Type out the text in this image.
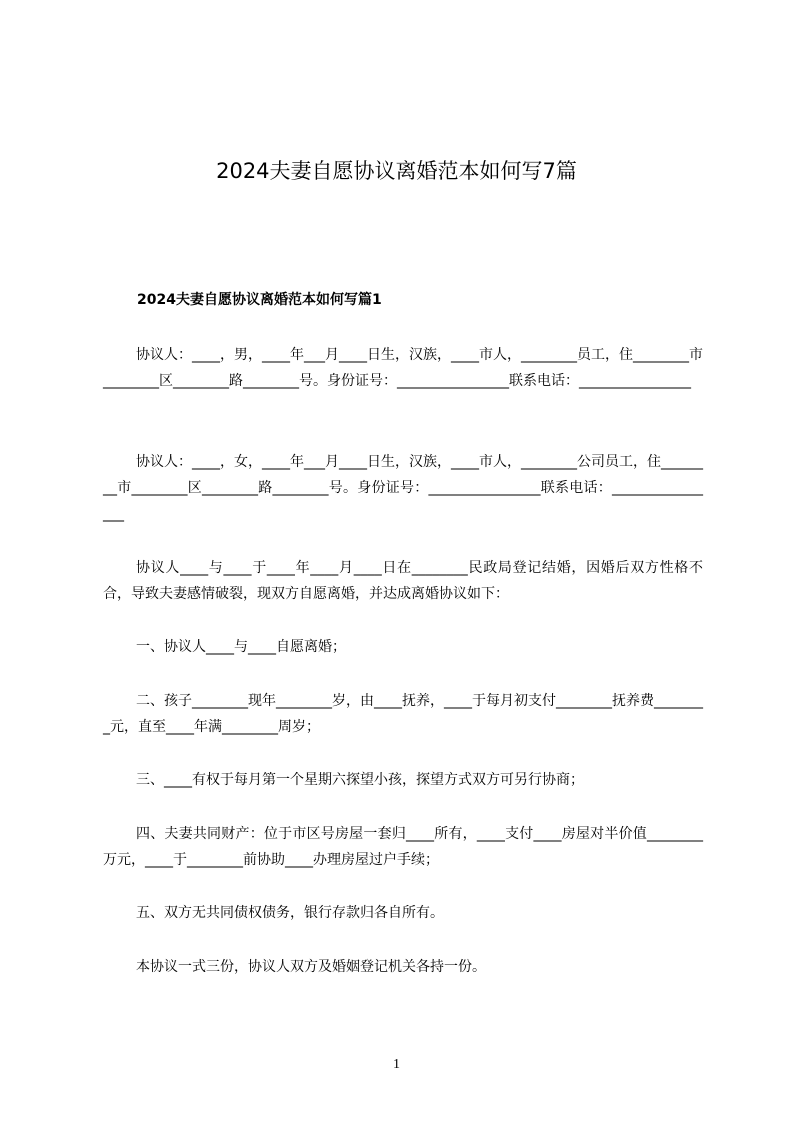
2024夫妻自愿协议离婚范本如何写7篇
2024夫妻自愿协议离婚范本如何写篇1

协议人：____，男，____年___月____日生，汉族，____市人，________员工，住________市________区________路________号。身份证号：________________联系电话：________________

协议人：____，女，____年___月____日生，汉族，____市人，________公司员工，住________市________区________路________号。身份证号：________________联系电话：________________

协议人____与____于____年____月____日在________民政局登记结婚，因婚后双方性格不合，导致夫妻感情破裂，现双方自愿离婚，并达成离婚协议如下：

一、协议人____与____自愿离婚；

二、孩子________现年________岁，由____抚养，____于每月初支付________抚养费________元，直至____年满________周岁；

三、____有权于每月第一个星期六探望小孩，探望方式双方可另行协商；

四、夫妻共同财产：位于市区号房屋一套归____所有，____支付____房屋对半价值________万元，____于________前协助____办理房屋过户手续；

五、双方无共同债权债务，银行存款归各自所有。

本协议一式三份，协议人双方及婚姻登记机关各持一份。

1
